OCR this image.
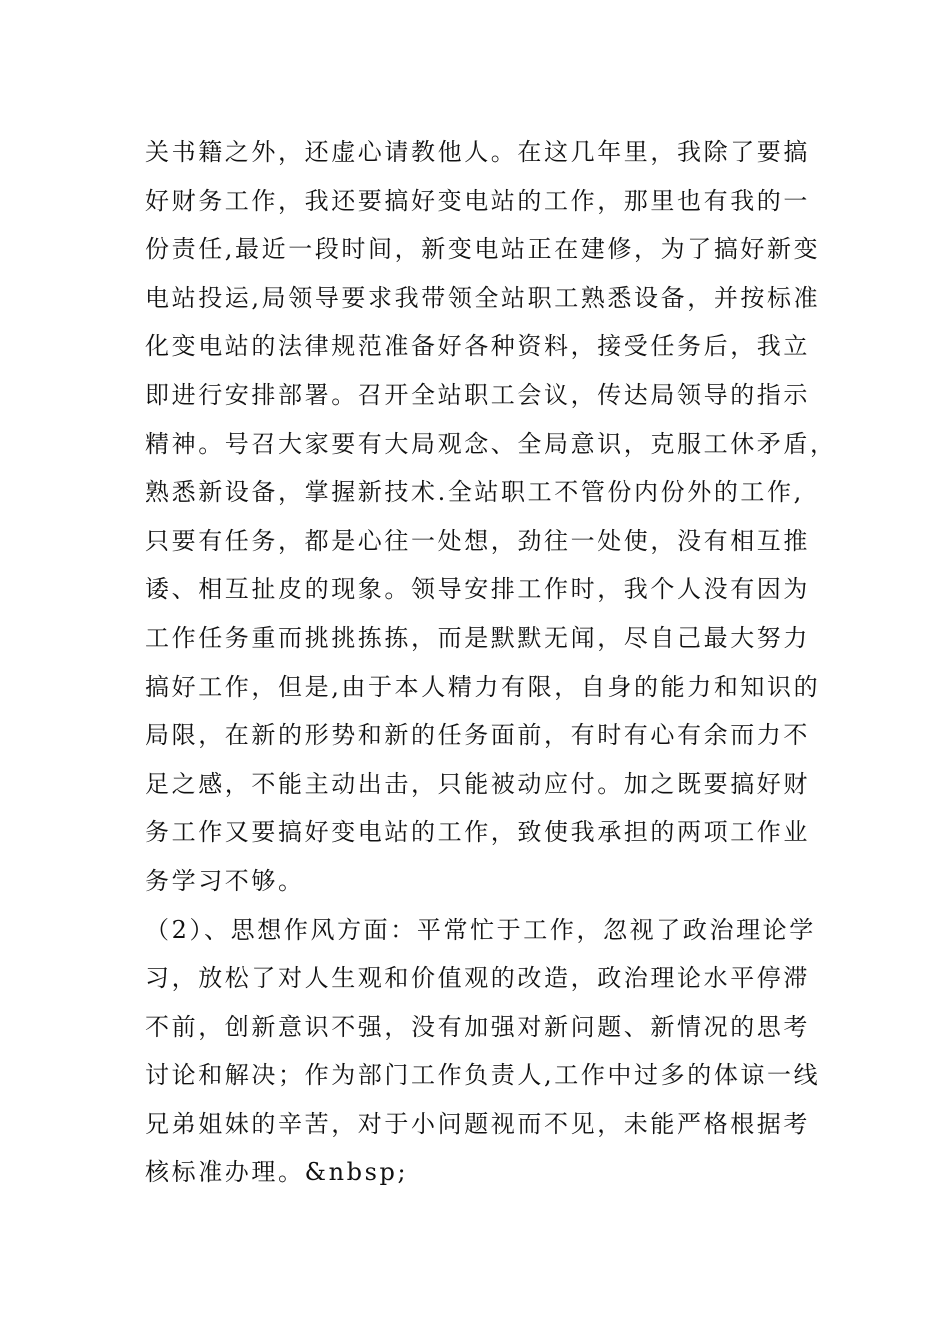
关书籍之外，还虚心请教他人。在这几年里，我除了要搞
好财务工作，我还要搞好变电站的工作，那里也有我的一
份责任,最近一段时间，新变电站正在建修，为了搞好新变
电站投运,局领导要求我带领全站职工熟悉设备，并按标准
化变电站的法律规范准备好各种资料，接受任务后，我立
即进行安排部署。召开全站职工会议，传达局领导的指示
精神。号召大家要有大局观念、全局意识，克服工休矛盾，
熟悉新设备，掌握新技术.全站职工不管份内份外的工作,
只要有任务，都是心往一处想，劲往一处使，没有相互推
诿、相互扯皮的现象。领导安排工作时，我个人没有因为
工作任务重而挑挑拣拣，而是默默无闻，尽自己最大努力
搞好工作，但是,由于本人精力有限，自身的能力和知识的
局限，在新的形势和新的任务面前，有时有心有余而力不
足之感，不能主动出击，只能被动应付。加之既要搞好财
务工作又要搞好变电站的工作，致使我承担的两项工作业
务学习不够。
（2）、思想作风方面：平常忙于工作，忽视了政治理论学
习，放松了对人生观和价值观的改造，政治理论水平停滞
不前，创新意识不强，没有加强对新问题、新情况的思考
讨论和解决；作为部门工作负责人,工作中过多的体谅一线
兄弟姐妹的辛苦，对于小问题视而不见，未能严格根据考
核标准办理。&nbsp;
